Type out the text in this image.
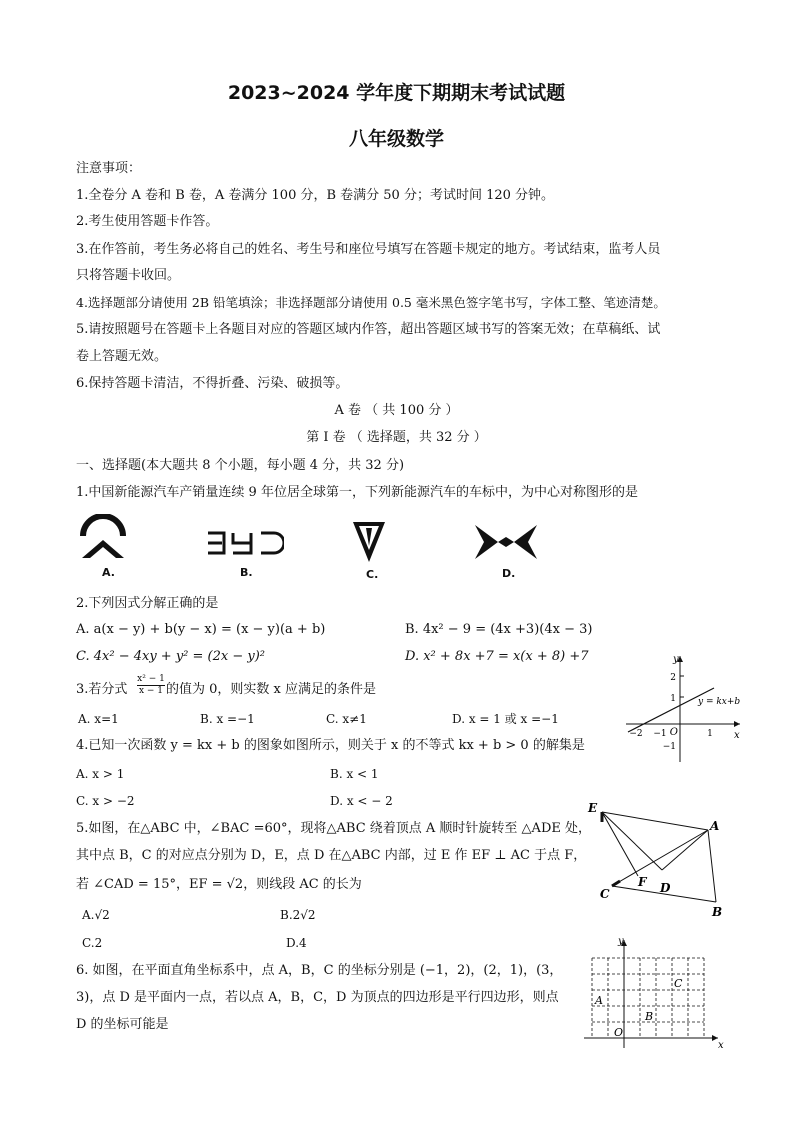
2023~2024 学年度下期期末考试试题
八年级数学
注意事项：
1.全卷分 A 卷和 B 卷，A 卷满分 100 分，B 卷满分 50 分；考试时间 120 分钟。
2.考生使用答题卡作答。
3.在作答前，考生务必将自己的姓名、考生号和座位号填写在答题卡规定的地方。考试结束，监考人员
只将答题卡收回。
4.选择题部分请使用 2B 铅笔填涂；非选择题部分请使用 0.5 毫米黑色签字笔书写，字体工整、笔迹清楚。
5.请按照题号在答题卡上各题目对应的答题区域内作答，超出答题区域书写的答案无效；在草稿纸、试
卷上答题无效。
6.保持答题卡清洁，不得折叠、污染、破损等。
A 卷 （ 共 100 分 ）
第 I 卷 （ 选择题，共 32 分 ）
一、选择题(本大题共 8 个小题，每小题 4 分，共 32 分)
1.中国新能源汽车产销量连续 9 年位居全球第一，下列新能源汽车的车标中，为中心对称图形的是
A.	B.	C.	D.
2.下列因式分解正确的是
A. a(x − y) + b(y − x) = (x − y)(a + b)	B. 4x² − 9 = (4x +3)(4x − 3)
C. 4x² − 4xy + y² = (2x − y)²	D. x² + 8x +7 = x(x + 8) +7
3.若分式 $\frac{\text{x² − 1}}{x - 1}$ 的值为 0，则实数 x 应满足的条件是
A. x=1	B. x =−1	C. x≠1	D. x = 1 或 x =−1
4.已知一次函数 y = kx + b 的图象如图所示，则关于 x 的不等式 kx + b > 0 的解集是
A. x > 1	B. x < 1
C. x > −2	D. x < − 2
y
x
O
y = kx+b
2
1
−2 −1	1
−1
5.如图，在△ABC 中，∠BAC =60°，现将△ABC 绕着顶点 A 顺时针旋转至 △ADE 处，
其中点 B，C 的对应点分别为 D，E，点 D 在△ABC 内部，过 E 作 EF ⊥ AC 于点 F，
若 ∠CAD = 15°，EF = √2，则线段 AC 的长为
A.√2	B.2√2
C.2	D.4
E
A
F D
C
B
6. 如图，在平面直角坐标系中，点 A，B，C 的坐标分别是 (−1，2)，(2，1)，(3，
3)，点 D 是平面内一点，若以点 A，B，C，D 为顶点的四边形是平行四边形，则点
D 的坐标可能是
y
x
O
A
B
C
